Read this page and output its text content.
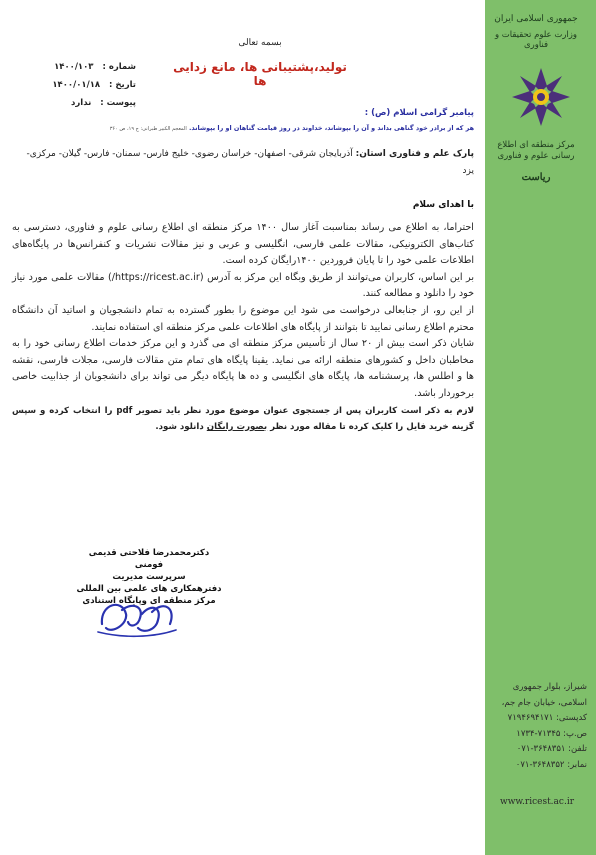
جمهوری اسلامی ایران
وزارت علوم تحقیقات و فناوری
مرکز منطقه ای اطلاع رسانی علوم و فناوری
ریاست
شیراز، بلوار جمهوری
اسلامی، خیابان جام جم،
کدپستی: ۷۱۹۴۶۹۴۱۷۱
ص.پ: ۷۱۳۴۵-۱۷۳۴
تلفن: ۳۶۴۸۳۵۱-۰۷۱
نمابر: ۳۶۴۸۳۵۲-۰۷۱
www.ricest.ac.ir
بسمه تعالی
تولید،پشتیبانی ها، مانع زدایی ها
شماره : ۱۴۰۰/۱۰۳
تاریخ : ۱۴۰۰/۰۱/۱۸
پیوست : ندارد
پیامبر گرامی اسلام (ص) :
هر که از برادر خود گناهی بداند و آن را بپوشاند، خداوند در روز قیامت گناهان او را بپوشاند. المعجم الکبیر طبرانی: ج ۱۹، ص ۳۶۰
پارک علم و فناوری استان: آذربایجان شرقی- اصفهان- خراسان رضوی- خلیج فارس- سمنان- فارس- گیلان- مرکزی- یزد
با اهدای سلام

احتراما، به اطلاع می رساند بمناسبت آغاز سال ۱۴۰۰ مرکز منطقه ای اطلاع رسانی علوم و فناوری، دسترسی به کتاب‌های الکترونیکی، مقالات علمی فارسی، انگلیسی و عربی و نیز مقالات نشریات و کنفرانس‌ها در پایگاه‌های اطلاعات علمی خود را تا پایان فروردین ۱۴۰۰رایگان کرده است.

بر این اساس، کاربران می‌توانند از طریق وبگاه این مرکز به آدرس (https://ricest.ac.ir/) مقالات علمی مورد نیاز خود را دانلود و مطالعه کنند.

از این رو، از جنابعالی درخواست می شود این موضوع را بطور گسترده به تمام دانشجویان و اساتید آن دانشگاه محترم اطلاع رسانی نمایید تا بتوانند از پایگاه های اطلاعات علمی مرکز منطقه ای استفاده نمایند.

شایان ذکر است بیش از ۲۰ سال از تأسیس مرکز منطقه ای می گذرد و این مرکز خدمات اطلاع رسانی خود را به مخاطبان داخل و کشورهای منطقه ارائه می نماید. یقینا پایگاه های تمام متن مقالات فارسی، مجلات فارسی، نقشه ها و اطلس ها، پرسشنامه ها، پایگاه های انگلیسی و ده ها پایگاه دیگر می تواند برای دانشجویان از جذابیت خاصی برخوردار باشد.

لازم به ذکر است کاربران پس از جستجوی عنوان موضوع مورد نظر باید تصویر pdf را انتخاب کرده و سپس گزینه خرید فایل را کلیک کرده تا مقاله مورد نظر بصورت رایگان دانلود شود.

دکترمحمدرضا فلاحتی قدیمی فومنی
سرپرست مدیریت
دفترهمکاری های علمی بین المللی
مرکز منطقه ای وپایگاه استنادی
